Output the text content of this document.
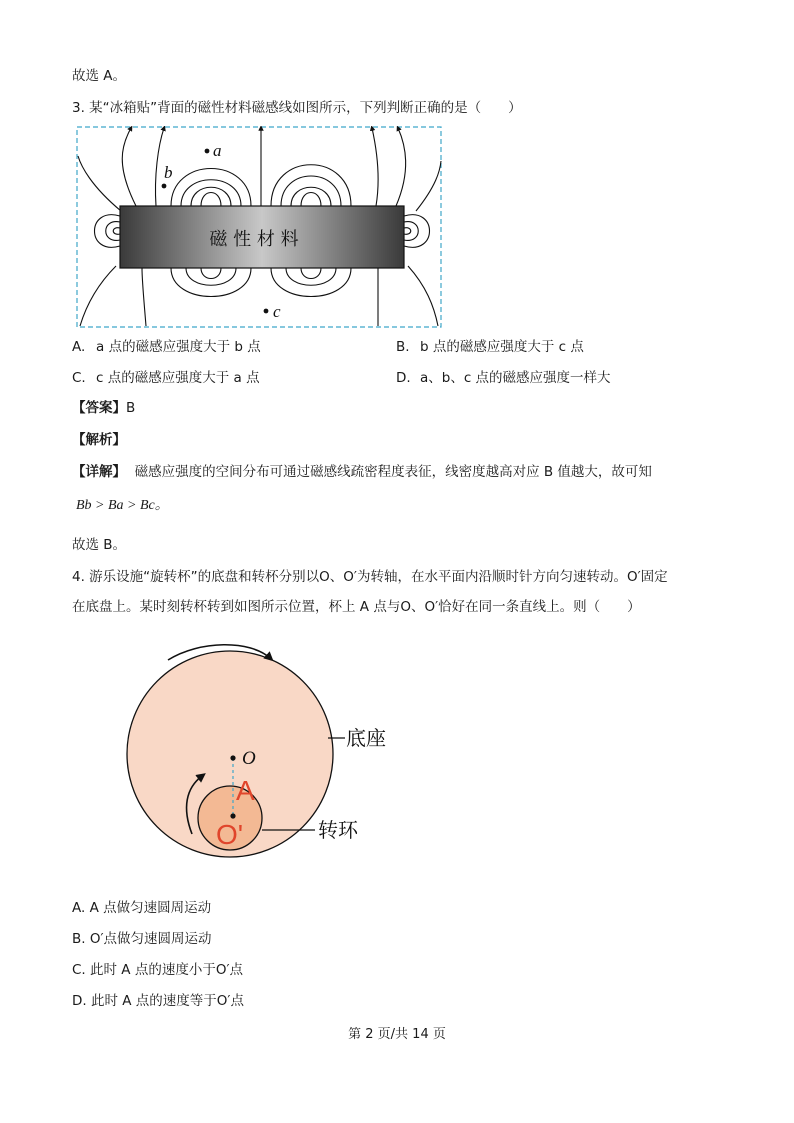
故选 A。
3. 某“冰箱贴”背面的磁性材料磁感线如图所示，下列判断正确的是（　　）
磁 性 材 料
a
b
c
A. a 点的磁感应强度大于 b 点	B. b 点的磁感应强度大于 c 点
C. c 点的磁感应强度大于 a 点	D. a、b、c 点的磁感应强度一样大
【答案】B
【解析】
【详解】 磁感应强度的空间分布可通过磁感线疏密程度表征，线密度越高对应 B 值越大，故可知
Bb > Ba > Bc。
故选 B。
4. 游乐设施“旋转杯”的底盘和转杯分别以O、O′为转轴，在水平面内沿顺时针方向匀速转动。O′固定
在底盘上。某时刻转杯转到如图所示位置，杯上 A 点与O、O′恰好在同一条直线上。则（　　）
O
A
O'
底座
转环
A. A 点做匀速圆周运动
B. O′点做匀速圆周运动
C. 此时 A 点的速度小于O′点
D. 此时 A 点的速度等于O′点
第 2 页/共 14 页
